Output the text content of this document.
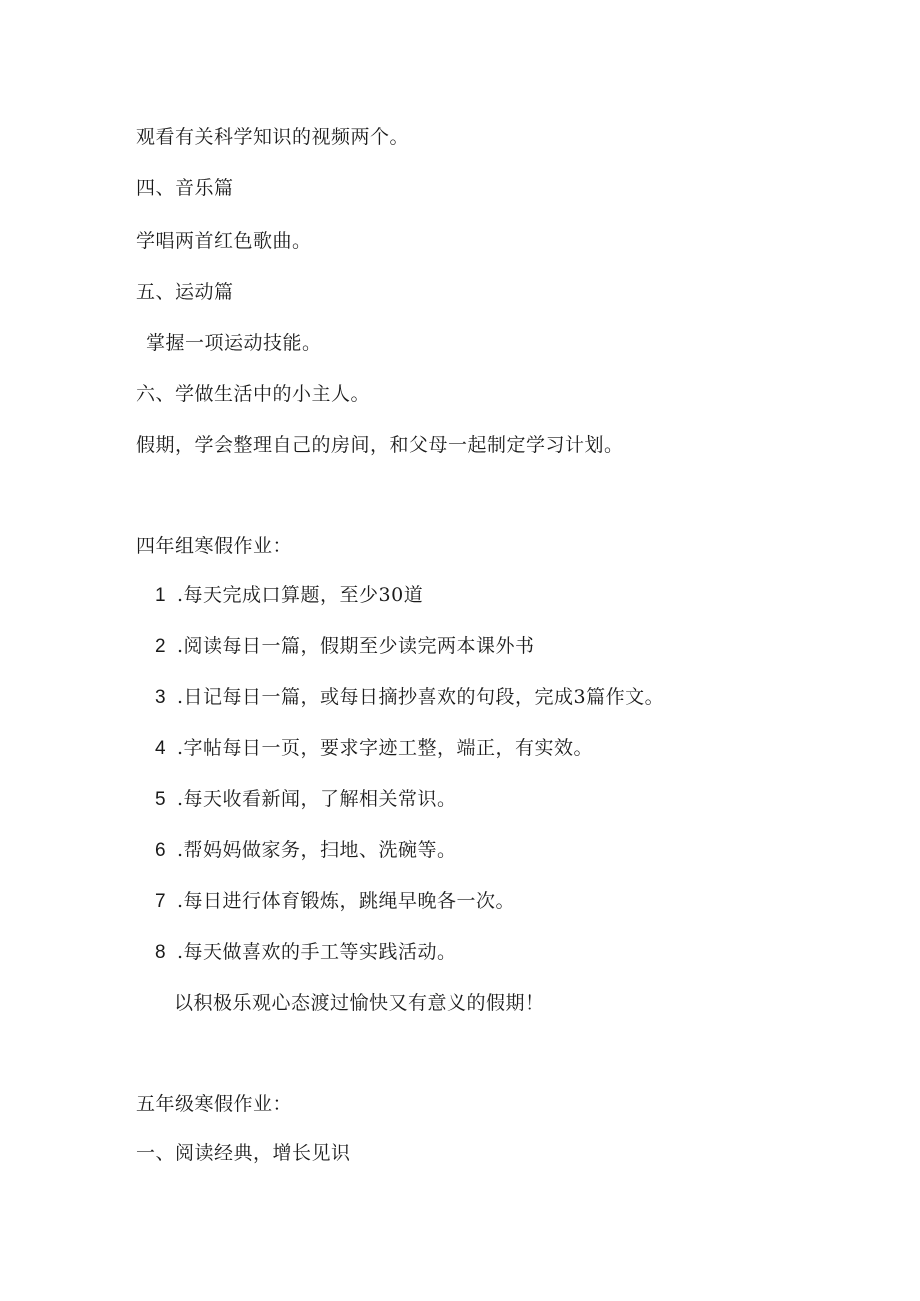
观看有关科学知识的视频两个。
四、音乐篇
学唱两首红色歌曲。
五、运动篇
掌握一项运动技能。
六、学做生活中的小主人。
假期，学会整理自己的房间，和父母一起制定学习计划。
四年组寒假作业：
1 .每天完成口算题，至少30道
2 .阅读每日一篇，假期至少读完两本课外书
3 .日记每日一篇，或每日摘抄喜欢的句段，完成3篇作文。
4 .字帖每日一页，要求字迹工整，端正，有实效。
5 .每天收看新闻，了解相关常识。
6 .帮妈妈做家务，扫地、洗碗等。
7 .每日进行体育锻炼，跳绳早晚各一次。
8 .每天做喜欢的手工等实践活动。
以积极乐观心态渡过愉快又有意义的假期！
五年级寒假作业：
一、阅读经典，增长见识
